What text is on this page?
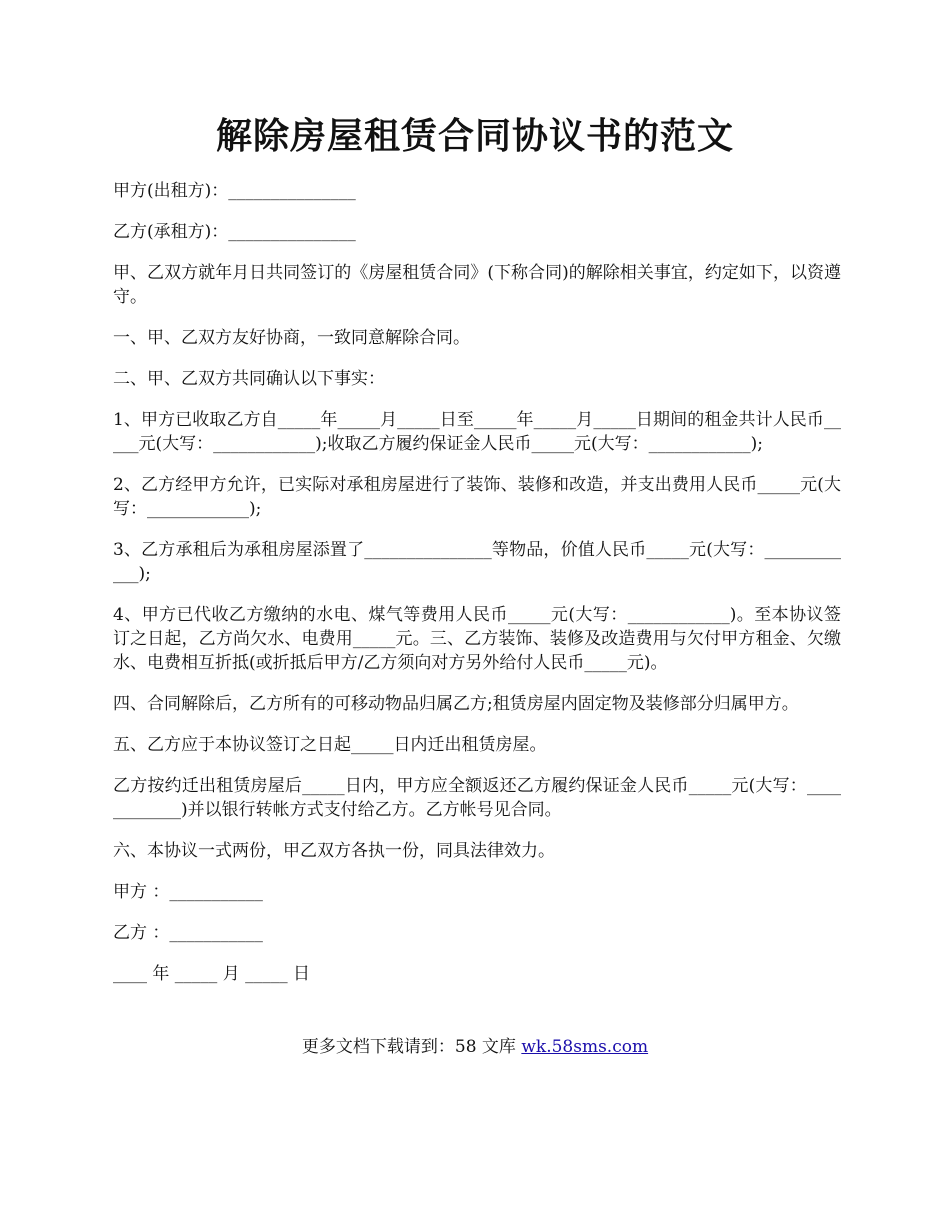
解除房屋租赁合同协议书的范文

甲方(出租方)：_______________

乙方(承租方)：_______________

甲、乙双方就年月日共同签订的《房屋租赁合同》(下称合同)的解除相关事宜，约定如下，以资遵守。

一、甲、乙双方友好协商，一致同意解除合同。

二、甲、乙双方共同确认以下事实：

1、甲方已收取乙方自_____年_____月_____日至_____年_____月_____日期间的租金共计人民币_____元(大写：____________);收取乙方履约保证金人民币_____元(大写：____________);

2、乙方经甲方允许，已实际对承租房屋进行了装饰、装修和改造，并支出费用人民币_____元(大写：____________);

3、乙方承租后为承租房屋添置了_______________等物品，价值人民币_____元(大写：____________);

4、甲方已代收乙方缴纳的水电、煤气等费用人民币_____元(大写：____________)。至本协议签订之日起，乙方尚欠水、电费用_____元。三、乙方装饰、装修及改造费用与欠付甲方租金、欠缴水、电费相互折抵(或折抵后甲方/乙方须向对方另外给付人民币_____元)。

四、合同解除后，乙方所有的可移动物品归属乙方;租赁房屋内固定物及装修部分归属甲方。

五、乙方应于本协议签订之日起_____日内迁出租赁房屋。

乙方按约迁出租赁房屋后_____日内，甲方应全额返还乙方履约保证金人民币_____元(大写：____________)并以银行转帐方式支付给乙方。乙方帐号见合同。

六、本协议一式两份，甲乙双方各执一份，同具法律效力。

甲方 ：___________

乙方 ：___________

____ 年 _____ 月 _____ 日

更多文档下载请到：58 文库 wk.58sms.com
